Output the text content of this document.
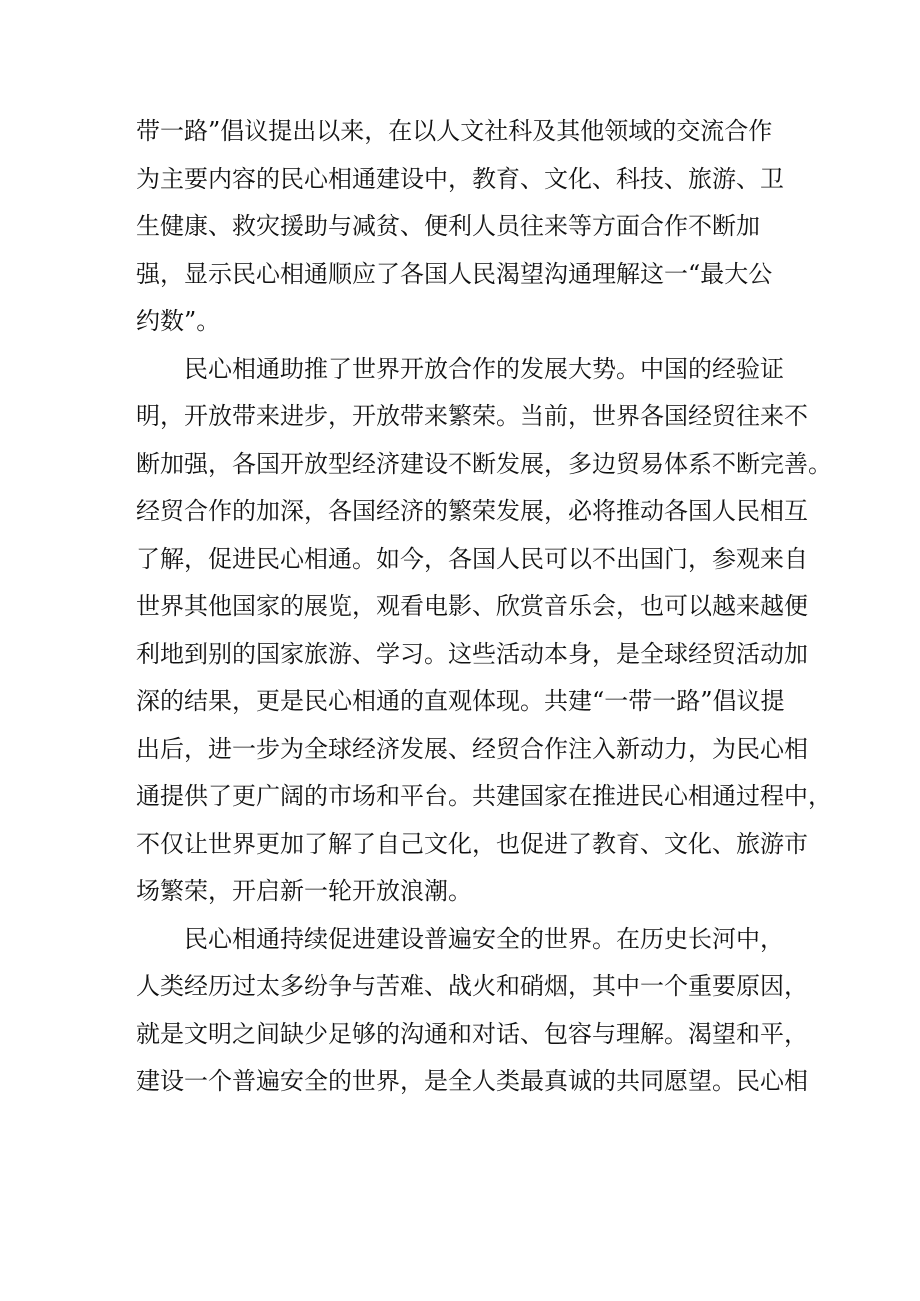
带一路”倡议提出以来，在以人文社科及其他领域的交流合作
为主要内容的民心相通建设中，教育、文化、科技、旅游、卫
生健康、救灾援助与减贫、便利人员往来等方面合作不断加
强，显示民心相通顺应了各国人民渴望沟通理解这一“最大公
约数”。
民心相通助推了世界开放合作的发展大势。中国的经验证
明，开放带来进步，开放带来繁荣。当前，世界各国经贸往来不
断加强，各国开放型经济建设不断发展，多边贸易体系不断完善。
经贸合作的加深，各国经济的繁荣发展，必将推动各国人民相互
了解，促进民心相通。如今，各国人民可以不出国门，参观来自
世界其他国家的展览，观看电影、欣赏音乐会，也可以越来越便
利地到别的国家旅游、学习。这些活动本身，是全球经贸活动加
深的结果，更是民心相通的直观体现。共建“一带一路”倡议提
出后，进一步为全球经济发展、经贸合作注入新动力，为民心相
通提供了更广阔的市场和平台。共建国家在推进民心相通过程中，
不仅让世界更加了解了自己文化，也促进了教育、文化、旅游市
场繁荣，开启新一轮开放浪潮。
民心相通持续促进建设普遍安全的世界。在历史长河中，
人类经历过太多纷争与苦难、战火和硝烟，其中一个重要原因，
就是文明之间缺少足够的沟通和对话、包容与理解。渴望和平，
建设一个普遍安全的世界，是全人类最真诚的共同愿望。民心相
